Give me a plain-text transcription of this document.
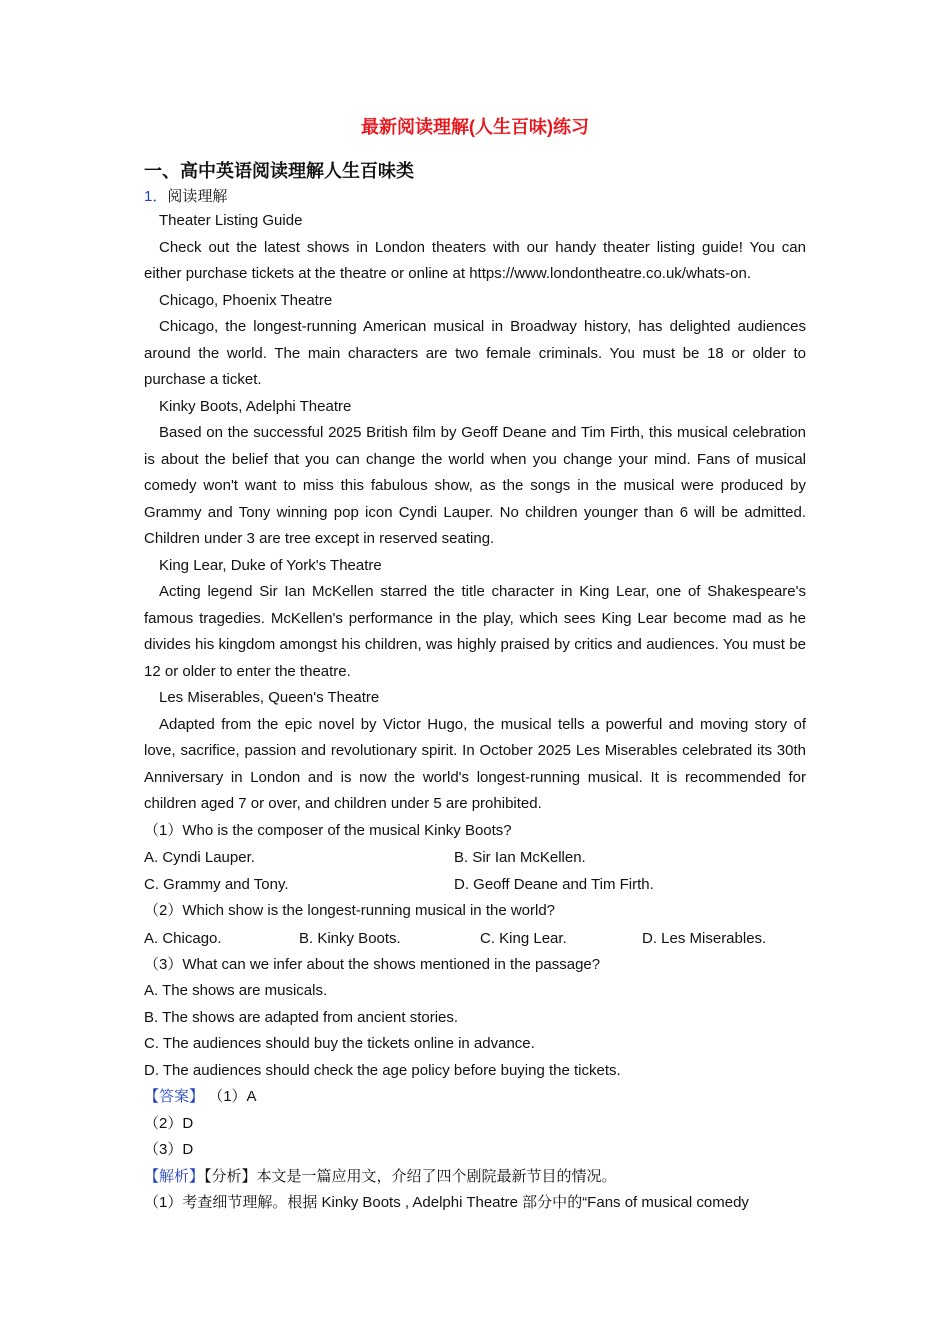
最新阅读理解(人生百味)练习
一、高中英语阅读理解人生百味类

1．阅读理解

Theater Listing Guide

Check out the latest shows in London theaters with our handy theater listing guide! You can either purchase tickets at the theatre or online at https://www.londontheatre.co.uk/whats-on.

Chicago, Phoenix Theatre

Chicago, the longest-running American musical in Broadway history, has delighted audiences around the world. The main characters are two female criminals. You must be 18 or older to purchase a ticket.

Kinky Boots, Adelphi Theatre

Based on the successful 2025 British film by Geoff Deane and Tim Firth, this musical celebration is about the belief that you can change the world when you change your mind. Fans of musical comedy won't want to miss this fabulous show, as the songs in the musical were produced by Grammy and Tony winning pop icon Cyndi Lauper. No children younger than 6 will be admitted. Children under 3 are tree except in reserved seating.

King Lear, Duke of York's Theatre

Acting legend Sir Ian McKellen starred the title character in King Lear, one of Shakespeare's famous tragedies. McKellen's performance in the play, which sees King Lear become mad as he divides his kingdom amongst his children, was highly praised by critics and audiences. You must be 12 or older to enter the theatre.

Les Miserables, Queen's Theatre

Adapted from the epic novel by Victor Hugo, the musical tells a powerful and moving story of love, sacrifice, passion and revolutionary spirit. In October 2025 Les Miserables celebrated its 30th Anniversary in London and is now the world's longest-running musical. It is recommended for children aged 7 or over, and children under 5 are prohibited.

（1）Who is the composer of the musical Kinky Boots?

A. Cyndi Lauper.	B. Sir Ian McKellen.
C. Grammy and Tony.	D. Geoff Deane and Tim Firth.

（2）Which show is the longest-running musical in the world?

A. Chicago.	B. Kinky Boots.	C. King Lear.	D. Les Miserables.

（3）What can we infer about the shows mentioned in the passage?

A. The shows are musicals.

B. The shows are adapted from ancient stories.

C. The audiences should buy the tickets online in advance.

D. The audiences should check the age policy before buying the tickets.

【答案】 （1）A

（2）D

（3）D

【解析】【分析】本文是一篇应用文，介绍了四个剧院最新节目的情况。

（1）考查细节理解。根据 Kinky Boots , Adelphi Theatre 部分中的“Fans of musical comedy
